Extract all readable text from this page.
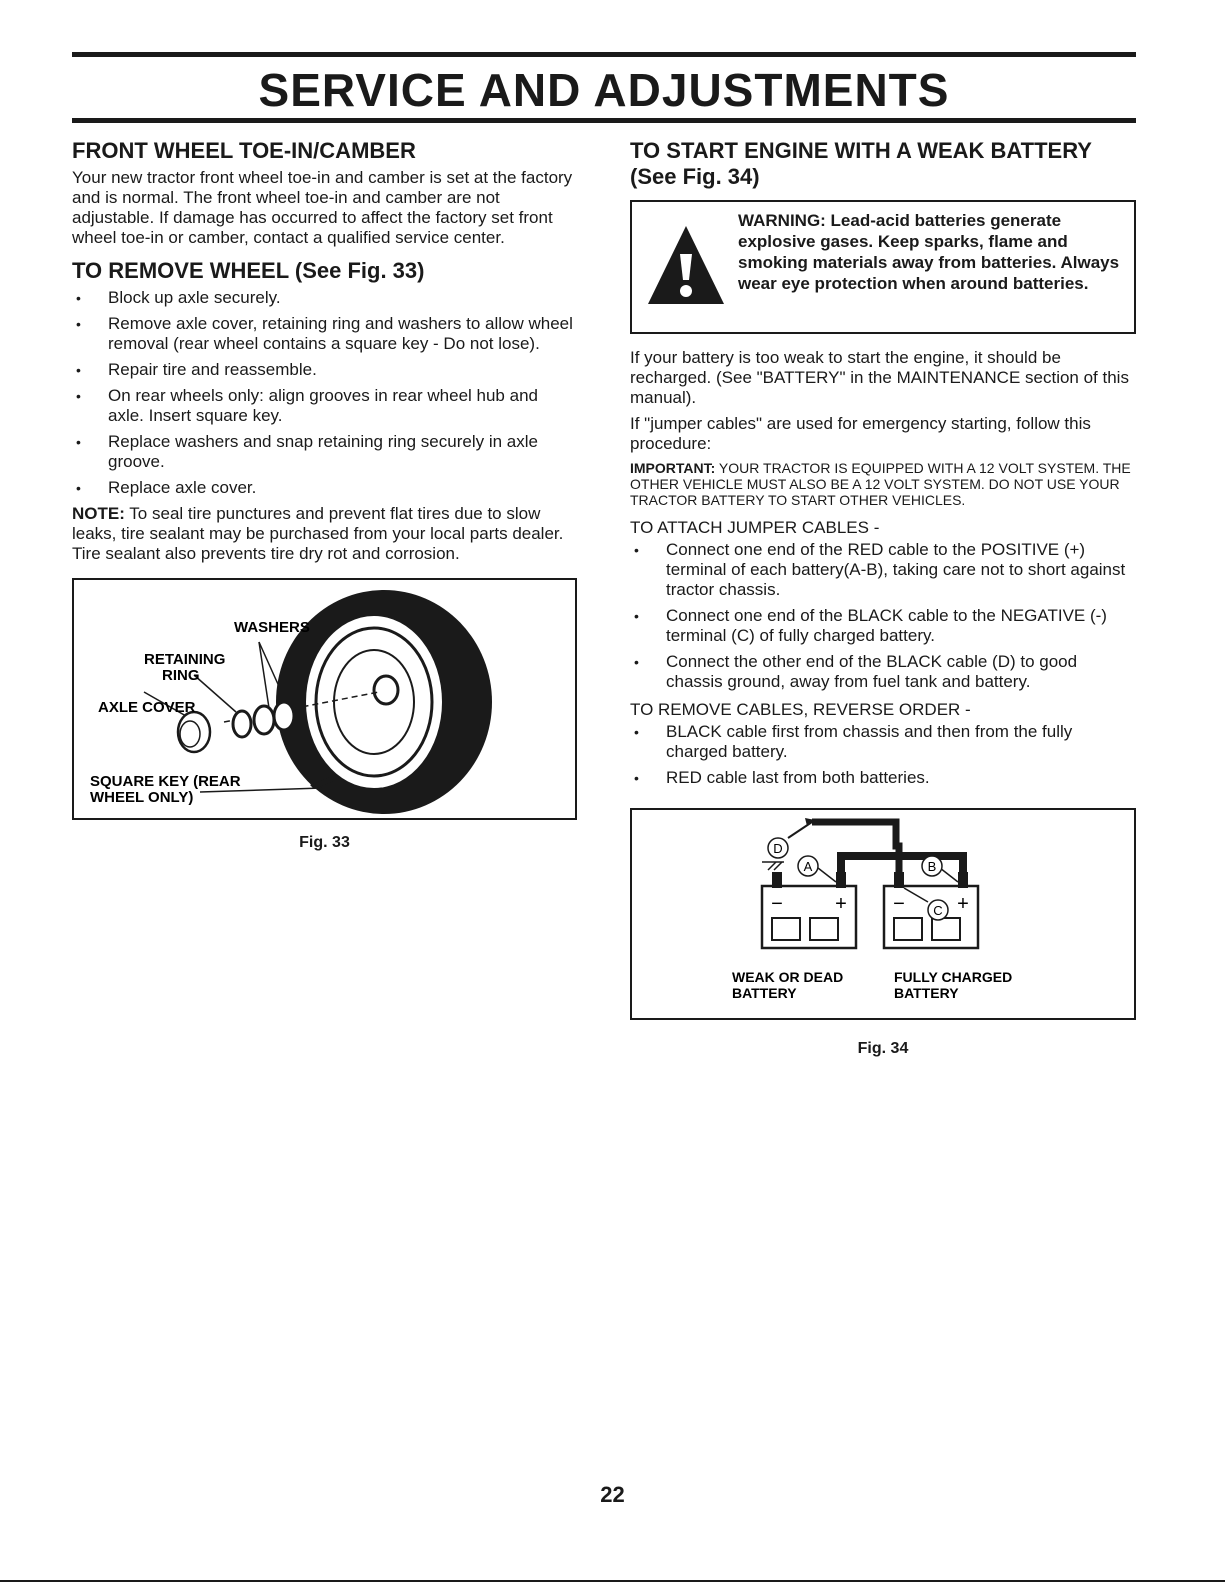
SERVICE AND ADJUSTMENTS
FRONT WHEEL TOE-IN/CAMBER

Your new tractor front wheel toe-in and camber is set at the factory and is normal. The front wheel toe-in and camber are not adjustable. If damage has occurred to affect the factory set front wheel toe-in or camber, contact a qualified service center.

TO REMOVE WHEEL (See Fig. 33)
• Block up axle securely.
• Remove axle cover, retaining ring and washers to allow wheel removal (rear wheel contains a square key - Do not lose).
• Repair tire and reassemble.
• On rear wheels only: align grooves in rear wheel hub and axle. Insert square key.
• Replace washers and snap retaining ring securely in axle groove.
• Replace axle cover.

NOTE: To seal tire punctures and prevent flat tires due to slow leaks, tire sealant may be purchased from your local parts dealer. Tire sealant also prevents tire dry rot and corrosion.

WASHERS
RETAINING
RING
AXLE COVER
SQUARE KEY (REAR
WHEEL ONLY)
Fig. 33
TO START ENGINE WITH A WEAK BATTERY (See Fig. 34)
WARNING: Lead-acid batteries generate explosive gases. Keep sparks, flame and smoking materials away from batteries. Always wear eye protection when around batteries.

If your battery is too weak to start the engine, it should be recharged. (See "BATTERY" in the MAINTENANCE section of this manual).

If "jumper cables" are used for emergency starting, follow this procedure:

IMPORTANT: YOUR TRACTOR IS EQUIPPED WITH A 12 VOLT SYSTEM. THE OTHER VEHICLE MUST ALSO BE A 12 VOLT SYSTEM. DO NOT USE YOUR TRACTOR BATTERY TO START OTHER VEHICLES.

TO ATTACH JUMPER CABLES -

• Connect one end of the RED cable to the POSITIVE (+) terminal of each battery(A-B), taking care not to short against tractor chassis.
• Connect one end of the BLACK cable to the NEGATIVE (-) terminal (C) of fully charged battery.
• Connect the other end of the BLACK cable (D) to good chassis ground, away from fuel tank and battery.

TO REMOVE CABLES, REVERSE ORDER -

• BLACK cable first from chassis and then from the fully charged battery.
• RED cable last from both batteries.
D
A	B
C
−	+ −	+
WEAK OR DEAD
BATTERY
FULLY CHARGED
BATTERY
Fig. 34
22
